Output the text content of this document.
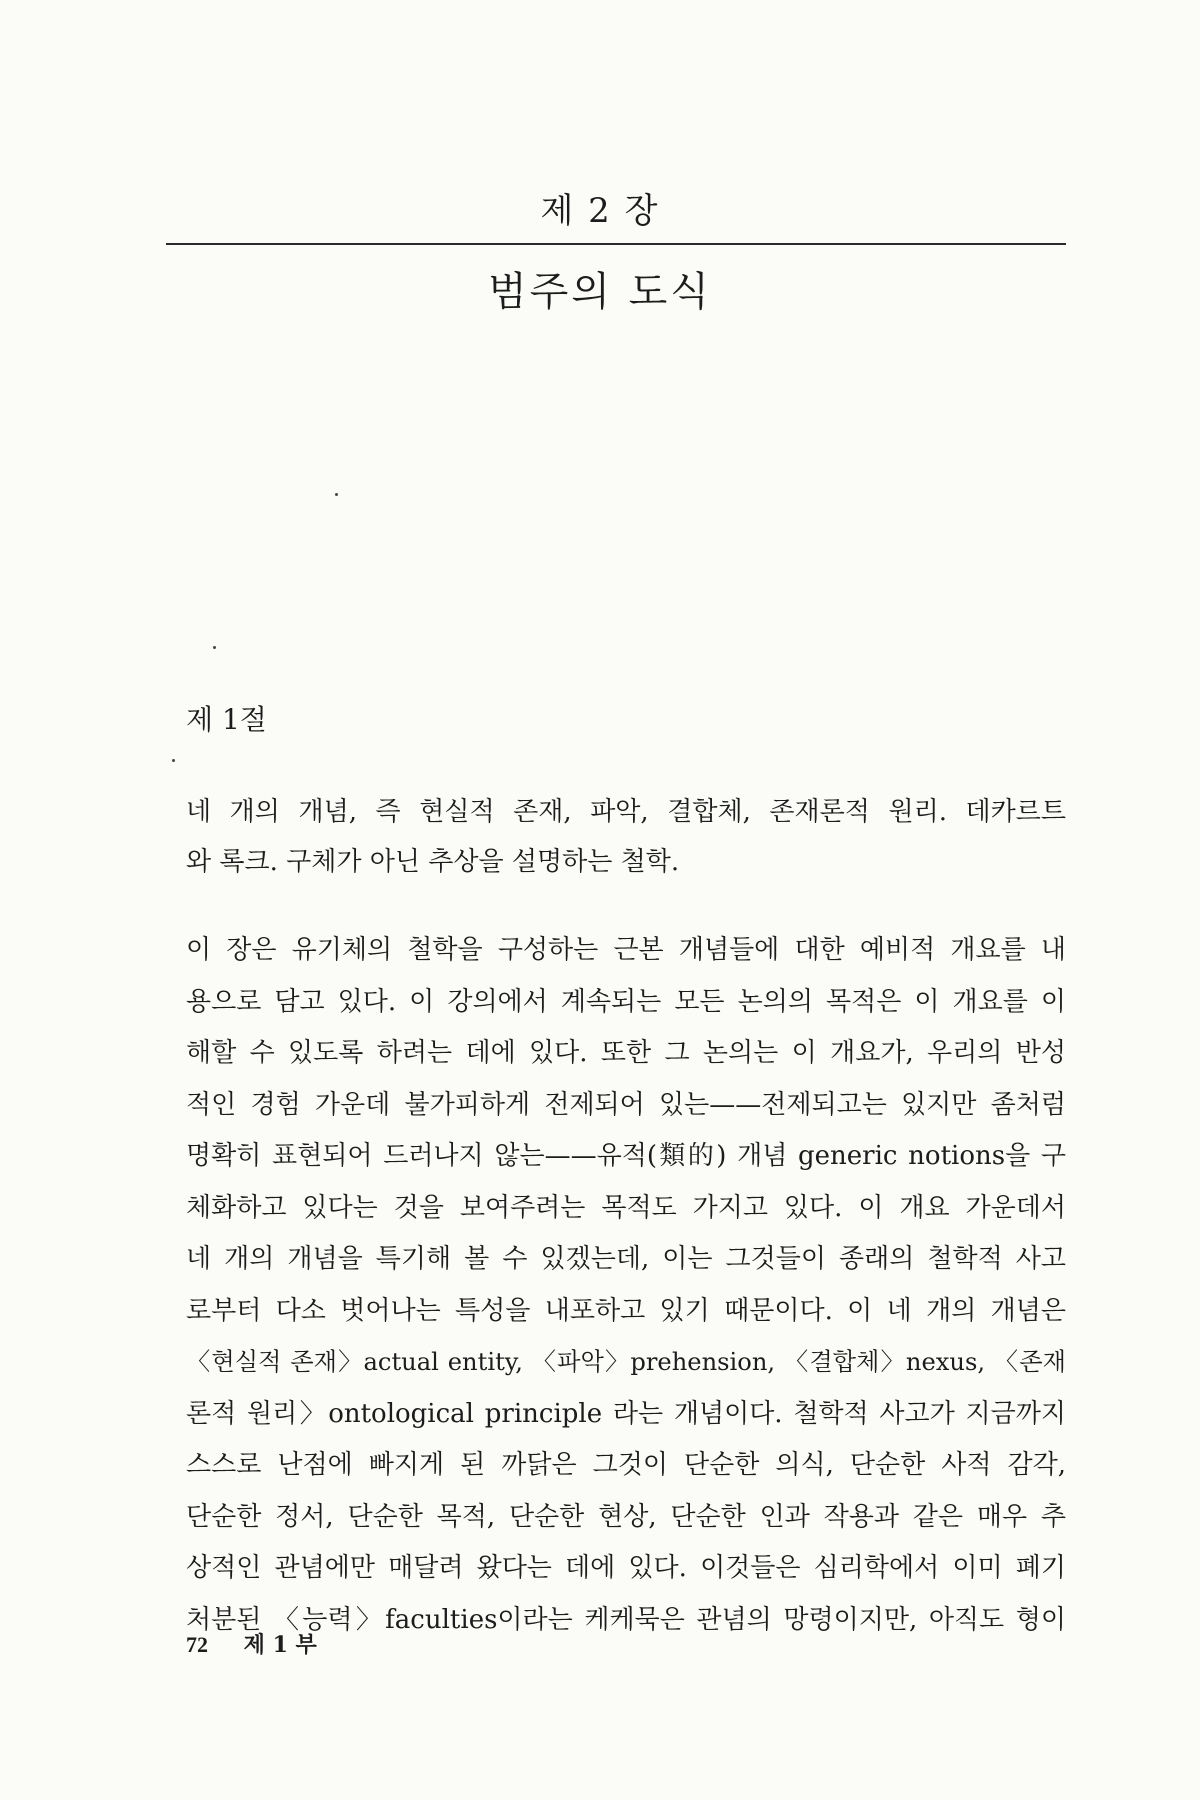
제 2 장
범주의 도식
제 1절
네 개의 개념, 즉 현실적 존재, 파악, 결합체, 존재론적 원리. 데카르트
와 록크. 구체가 아닌 추상을 설명하는 철학.
이 장은 유기체의 철학을 구성하는 근본 개념들에 대한 예비적 개요를 내
용으로 담고 있다. 이 강의에서 계속되는 모든 논의의 목적은 이 개요를 이
해할 수 있도록 하려는 데에 있다. 또한 그 논의는 이 개요가, 우리의 반성
적인 경험 가운데 불가피하게 전제되어 있는——전제되고는 있지만 좀처럼
명확히 표현되어 드러나지 않는——유적(類的) 개념 generic notions을 구
체화하고 있다는 것을 보여주려는 목적도 가지고 있다. 이 개요 가운데서
네 개의 개념을 특기해 볼 수 있겠는데, 이는 그것들이 종래의 철학적 사고
로부터 다소 벗어나는 특성을 내포하고 있기 때문이다. 이 네 개의 개념은
〈현실적 존재〉actual entity, 〈파악〉prehension, 〈결합체〉nexus, 〈존재
론적 원리〉ontological principle 라는 개념이다. 철학적 사고가 지금까지
스스로 난점에 빠지게 된 까닭은 그것이 단순한 의식, 단순한 사적 감각,
단순한 정서, 단순한 목적, 단순한 현상, 단순한 인과 작용과 같은 매우 추
상적인 관념에만 매달려 왔다는 데에 있다. 이것들은 심리학에서 이미 폐기
처분된 〈능력〉faculties이라는 케케묵은 관념의 망령이지만, 아직도 형이
72 제 1 부
